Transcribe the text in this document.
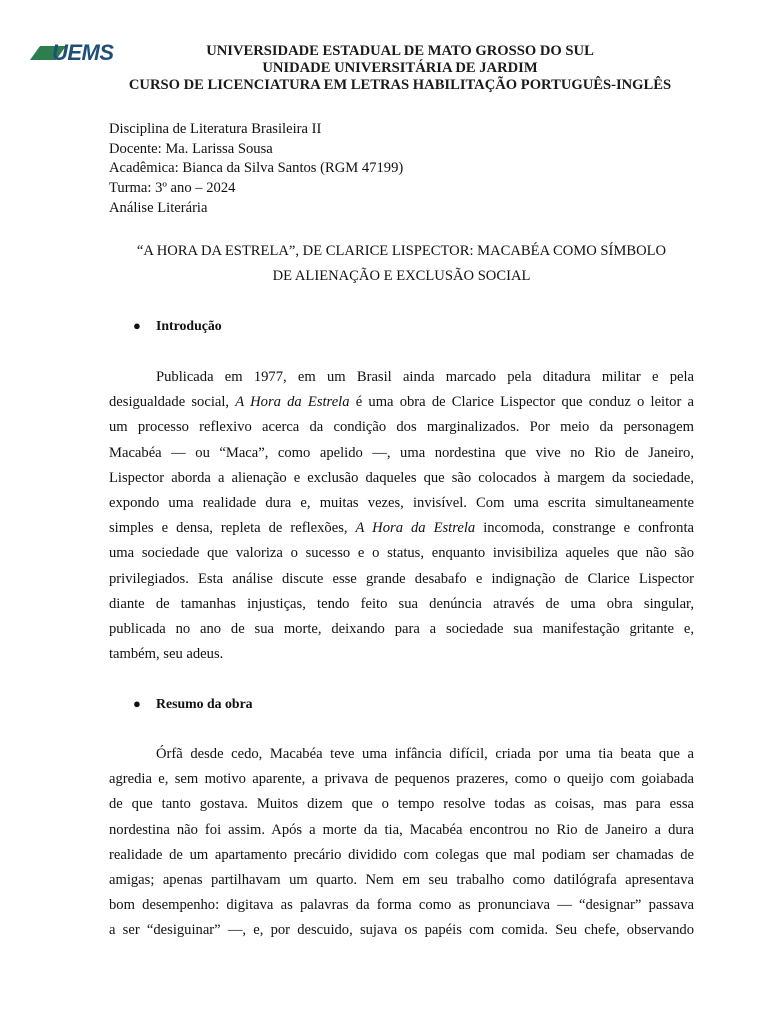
UEMS	UNIVERSIDADE ESTADUAL DE MATO GROSSO DO SUL
UNIDADE UNIVERSITÁRIA DE JARDIM
CURSO DE LICENCIATURA EM LETRAS HABILITAÇÃO PORTUGUÊS-INGLÊS
Disciplina de Literatura Brasileira II
Docente: Ma. Larissa Sousa
Acadêmica: Bianca da Silva Santos (RGM 47199)
Turma: 3º ano – 2024
Análise Literária
“A HORA DA ESTRELA”, DE CLARICE LISPECTOR: MACABÉA COMO SÍMBOLO
DE ALIENAÇÃO E EXCLUSÃO SOCIAL
● Introdução
Publicada em 1977, em um Brasil ainda marcado pela ditadura militar e pela
desigualdade social, A Hora da Estrela é uma obra de Clarice Lispector que conduz o leitor a
um processo reflexivo acerca da condição dos marginalizados. Por meio da personagem
Macabéa — ou “Maca”, como apelido —, uma nordestina que vive no Rio de Janeiro,
Lispector aborda a alienação e exclusão daqueles que são colocados à margem da sociedade,
expondo uma realidade dura e, muitas vezes, invisível. Com uma escrita simultaneamente
simples e densa, repleta de reflexões, A Hora da Estrela incomoda, constrange e confronta
uma sociedade que valoriza o sucesso e o status, enquanto invisibiliza aqueles que não são
privilegiados. Esta análise discute esse grande desabafo e indignação de Clarice Lispector
diante de tamanhas injustiças, tendo feito sua denúncia através de uma obra singular,
publicada no ano de sua morte, deixando para a sociedade sua manifestação gritante e,
também, seu adeus.
● Resumo da obra
Órfã desde cedo, Macabéa teve uma infância difícil, criada por uma tia beata que a
agredia e, sem motivo aparente, a privava de pequenos prazeres, como o queijo com goiabada
de que tanto gostava. Muitos dizem que o tempo resolve todas as coisas, mas para essa
nordestina não foi assim. Após a morte da tia, Macabéa encontrou no Rio de Janeiro a dura
realidade de um apartamento precário dividido com colegas que mal podiam ser chamadas de
amigas; apenas partilhavam um quarto. Nem em seu trabalho como datilógrafa apresentava
bom desempenho: digitava as palavras da forma como as pronunciava — “designar” passava
a ser “desiguinar” —, e, por descuido, sujava os papéis com comida. Seu chefe, observando
